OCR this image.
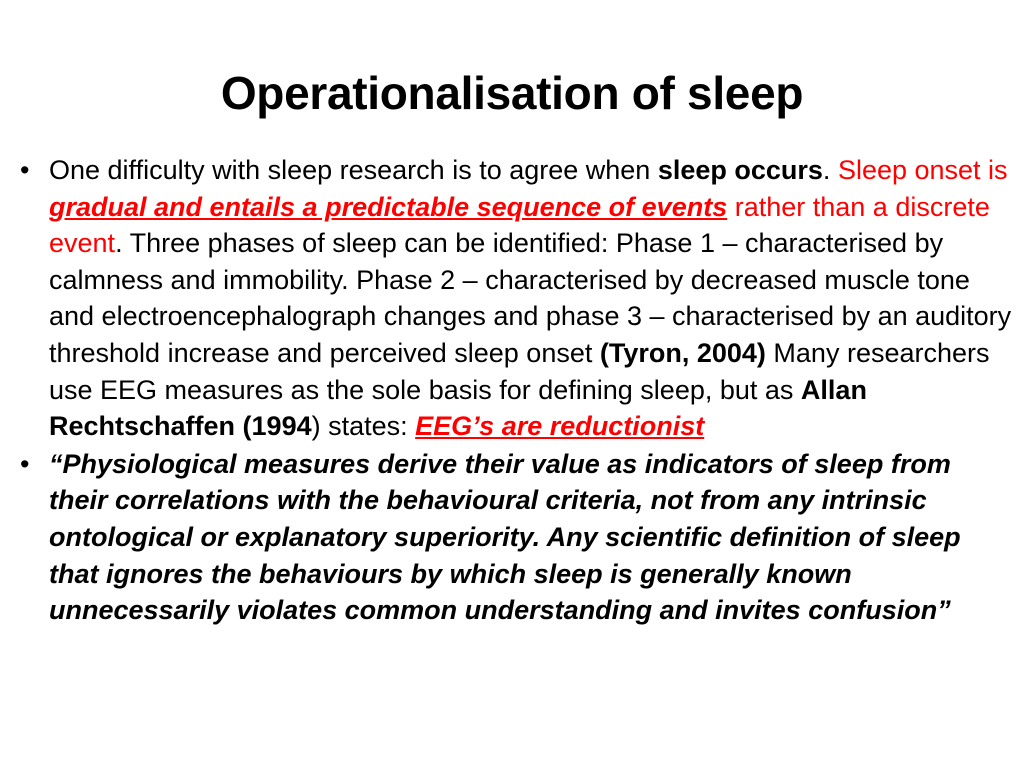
Operationalisation of sleep
• One difficulty with sleep research is to agree when sleep occurs. Sleep onset is gradual and entails a predictable sequence of events rather than a discrete event. Three phases of sleep can be identified: Phase 1 – characterised by calmness and immobility. Phase 2 – characterised by decreased muscle tone and electroencephalograph changes and phase 3 – characterised by an auditory threshold increase and perceived sleep onset (Tyron, 2004) Many researchers use EEG measures as the sole basis for defining sleep, but as Allan Rechtschaffen (1994) states: EEG’s are reductionist
• “Physiological measures derive their value as indicators of sleep from their correlations with the behavioural criteria, not from any intrinsic ontological or explanatory superiority. Any scientific definition of sleep that ignores the behaviours by which sleep is generally known unnecessarily violates common understanding and invites confusion”
